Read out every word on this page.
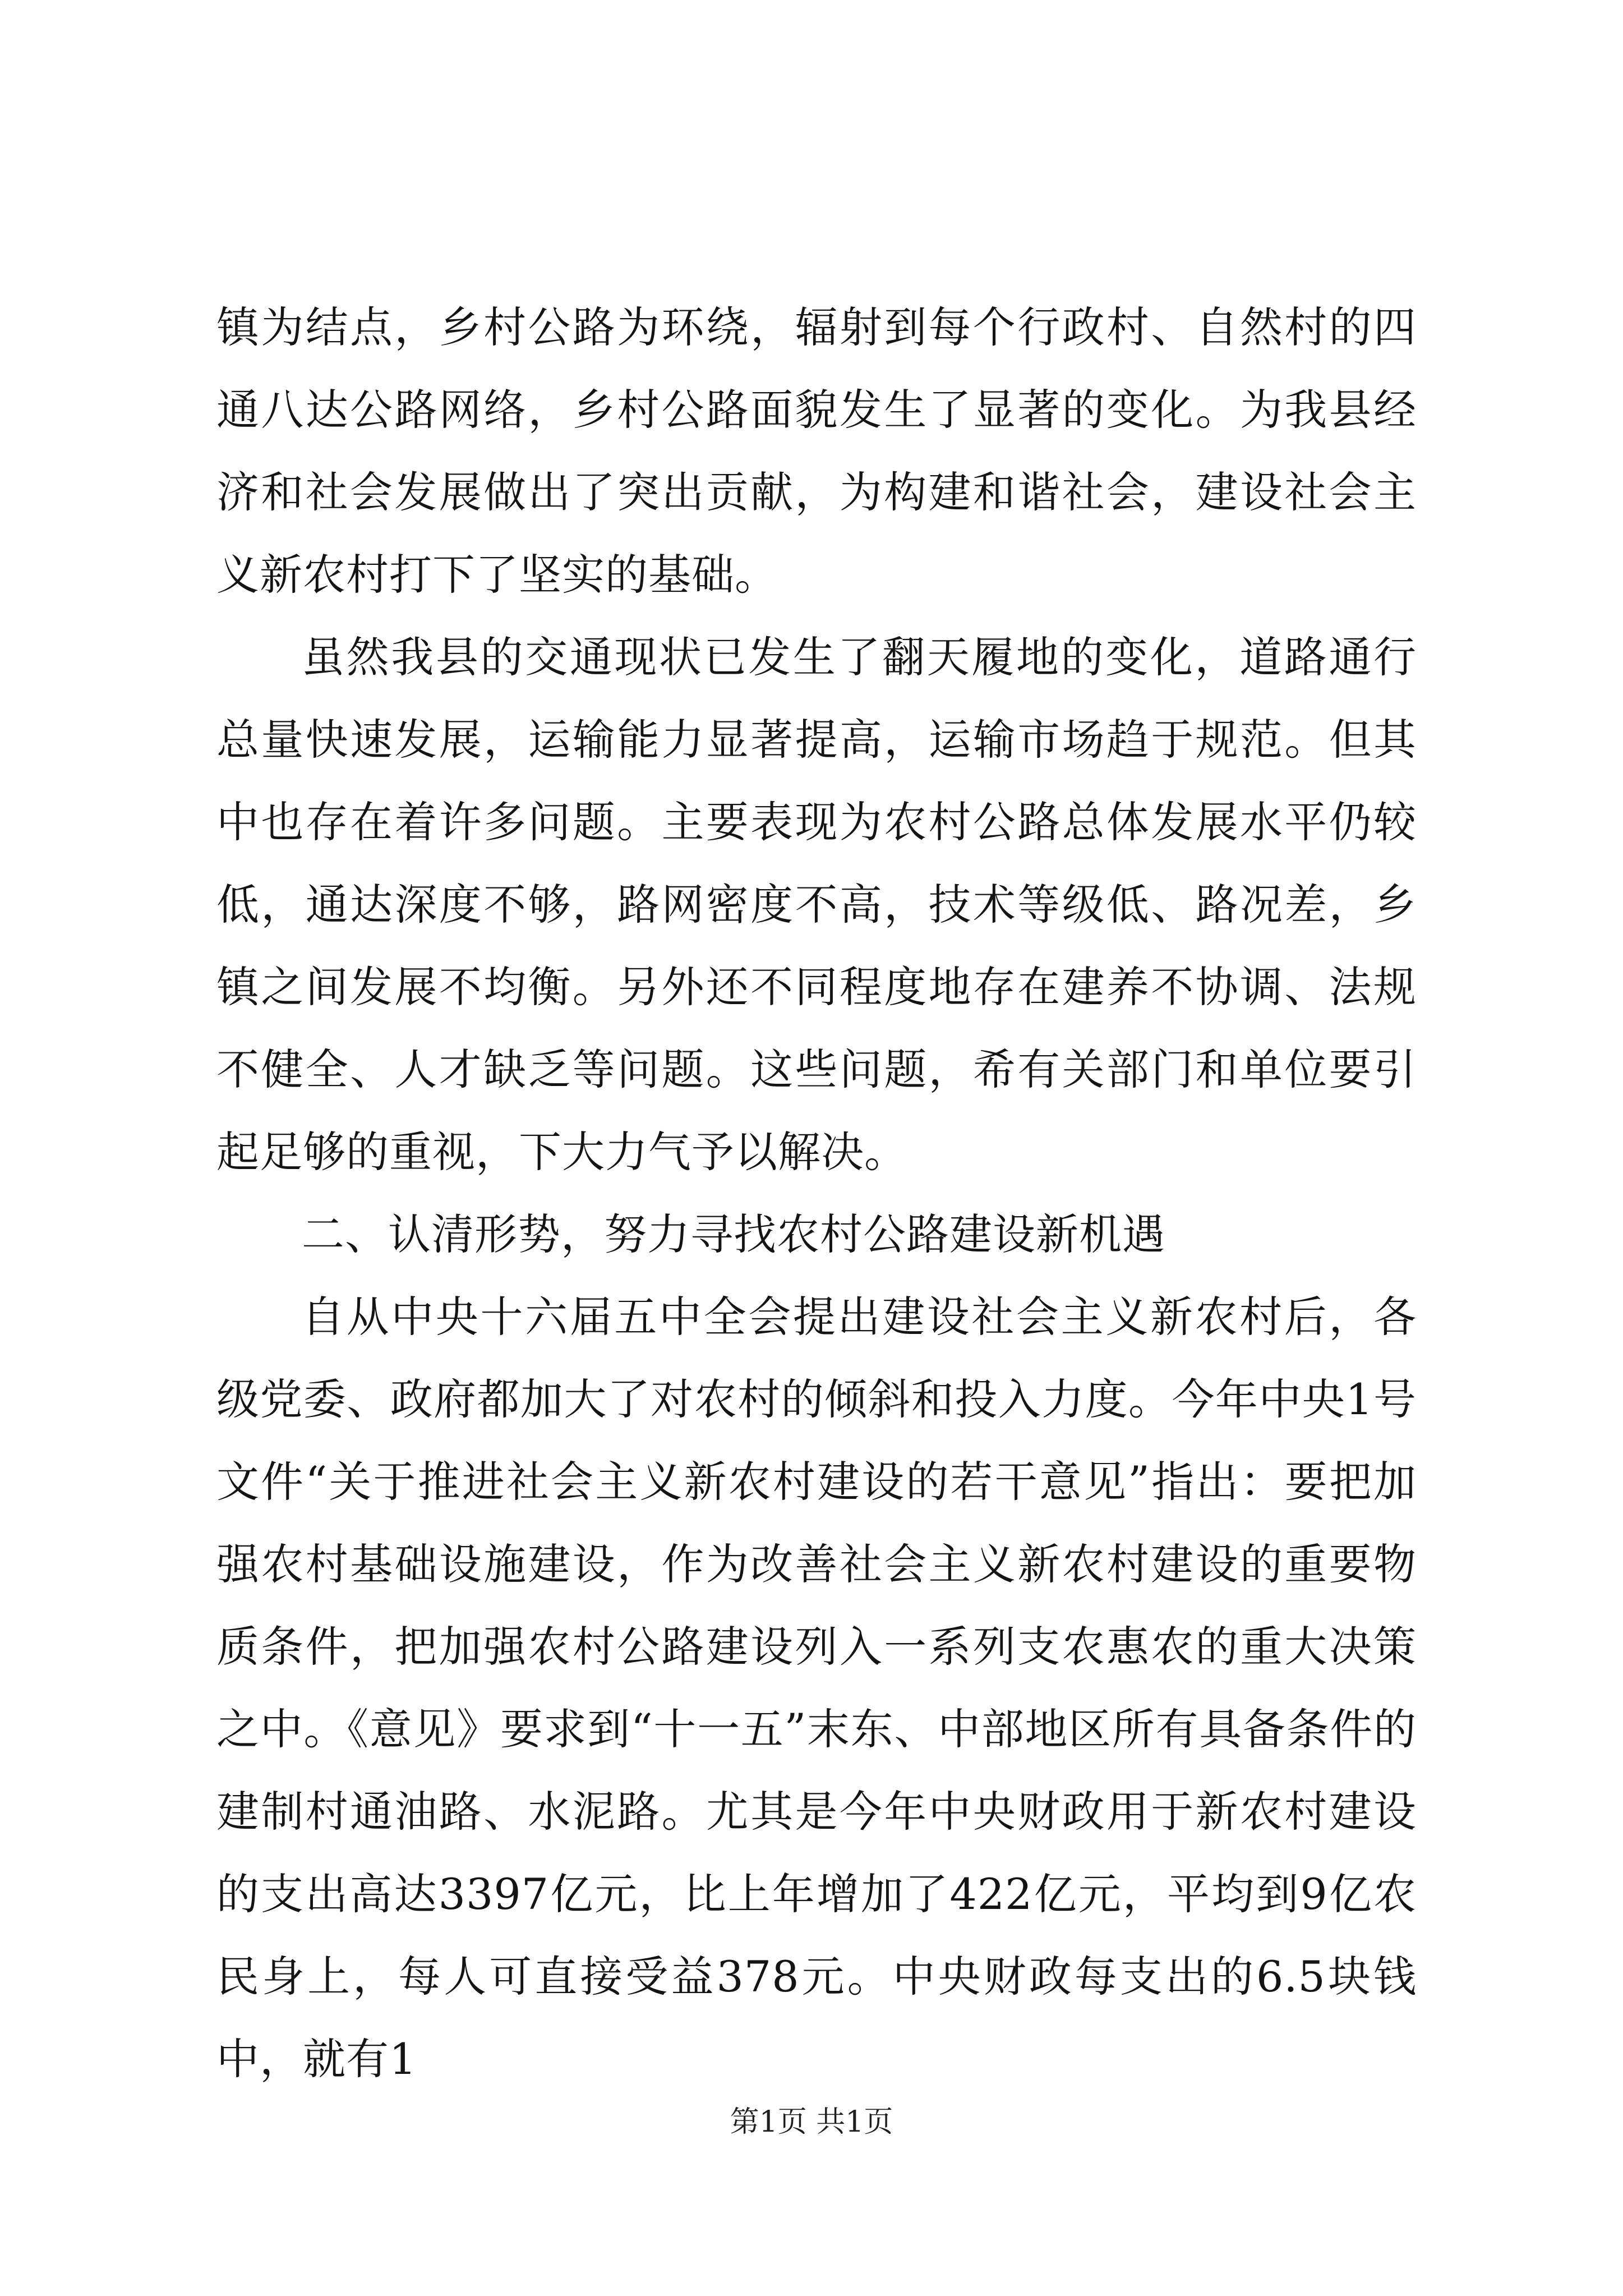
镇为结点，乡村公路为环绕，辐射到每个行政村、自然村的四通八达公路网络，乡村公路面貌发生了显著的变化。为我县经济和社会发展做出了突出贡献，为构建和谐社会，建设社会主义新农村打下了坚实的基础。

虽然我县的交通现状已发生了翻天履地的变化，道路通行总量快速发展，运输能力显著提高，运输市场趋于规范。但其中也存在着许多问题。主要表现为农村公路总体发展水平仍较低，通达深度不够，路网密度不高，技术等级低、路况差，乡镇之间发展不均衡。另外还不同程度地存在建养不协调、法规不健全、人才缺乏等问题。这些问题，希有关部门和单位要引起足够的重视，下大力气予以解决。

二、认清形势，努力寻找农村公路建设新机遇

自从中央十六届五中全会提出建设社会主义新农村后，各级党委、政府都加大了对农村的倾斜和投入力度。今年中央1号文件“关于推进社会主义新农村建设的若干意见”指出：要把加强农村基础设施建设，作为改善社会主义新农村建设的重要物质条件，把加强农村公路建设列入一系列支农惠农的重大决策之中。《意见》要求到“十一五”末东、中部地区所有具备条件的建制村通油路、水泥路。尤其是今年中央财政用于新农村建设的支出高达3397亿元，比上年增加了422亿元，平均到9亿农民身上，每人可直接受益378元。中央财政每支出的6.5块钱中，就有1

第1页 共1页
